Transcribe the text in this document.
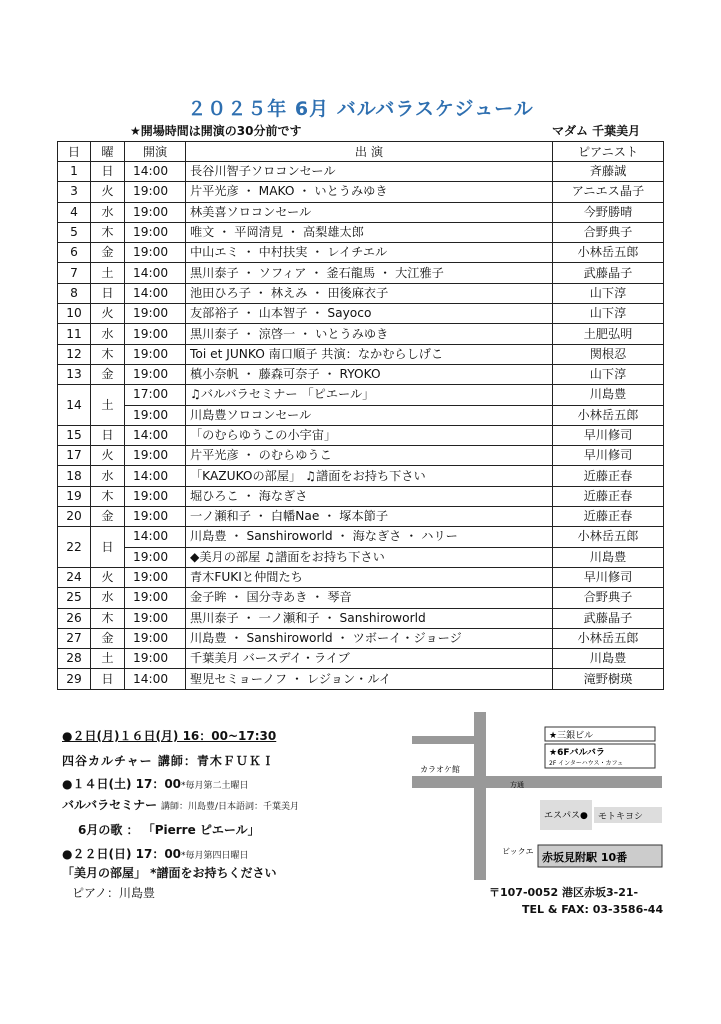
２０２５年 6月 バルバラスケジュール
★開場時間は開演の30分前です	マダム 千葉美月
日	曜	開演	出 演	ピアニスト
1	日	14:00	長谷川智子ソロコンセール	斉藤誠
3	火	19:00	片平光彦 ・ MAKO ・ いとうみゆき	アニエス晶子
4	水	19:00	林美喜ソロコンセール	今野勝晴
5	木	19:00	唯文 ・ 平岡清見 ・ 高梨雄太郎	合野典子
6	金	19:00	中山エミ ・ 中村扶実 ・ レイチエル	小林岳五郎
7	土	14:00	黒川泰子 ・ ソフィア ・ 釜石龍馬 ・ 大江雅子	武藤晶子
8	日	14:00	池田ひろ子 ・ 林えみ ・ 田後麻衣子	山下淳
10	火	19:00	友部裕子 ・ 山本智子 ・ Sayoco	山下淳
11	水	19:00	黒川泰子 ・ 涼啓一 ・ いとうみゆき	土肥弘明
12	木	19:00	Toi et JUNKO 南口順子 共演：なかむらしげこ	関根忍
13	金	19:00	槙小奈帆 ・ 藤森可奈子 ・ RYOKO	山下淳
14	土	17:00	♫バルバラセミナー 「ピエール」	川島豊
		19:00	川島豊ソロコンセール	小林岳五郎
15	日	14:00	「のむらゆうこの小宇宙」	早川修司
17	火	19:00	片平光彦 ・ のむらゆうこ	早川修司
18	水	14:00	「KAZUKOの部屋」 ♫譜面をお持ち下さい	近藤正春
19	木	19:00	堀ひろこ ・ 海なぎさ	近藤正春
20	金	19:00	一ノ瀬和子 ・ 白幡Nae ・ 塚本節子	近藤正春
22	日	14:00	川島豊 ・ Sanshiroworld ・ 海なぎさ ・ ハリー	小林岳五郎
		19:00	◆美月の部屋 ♫譜面をお持ち下さい	川島豊
24	火	19:00	青木FUKIと仲間たち	早川修司
25	水	19:00	金子眸 ・ 国分寺あき ・ 琴音	合野典子
26	木	19:00	黒川泰子 ・ 一ノ瀬和子 ・ Sanshiroworld	武藤晶子
27	金	19:00	川島豊 ・ Sanshiroworld ・ ツボーイ・ジョージ	小林岳五郎
28	土	19:00	千葉美月 バースデイ・ライブ	川島豊
29	日	14:00	聖児セミョーノフ ・ レジョン・ルイ	滝野樹瑛
●２日(月)１６日(月) 16：00~17:30
四谷カルチャー 講師：青木ＦＵＫＩ
●１４日(土) 17：00*毎月第二土曜日
バルバラセミナー 講師：川島豊/日本語詞：千葉美月
6月の歌 ： 「Pierre ピエール」
●２２日(日) 17：00*毎月第四日曜日
「美月の部屋」 *譜面をお持ちください
ピアノ：川島豊
★三銀ビル
★6Fバルバラ
2F インターハウス・カフェ
カラオケ館
方通
エスパス● モトキヨシ
ビックエ 赤坂見附駅 10番
〒107-0052 港区赤坂3-21-
TEL & FAX: 03-3586-44
